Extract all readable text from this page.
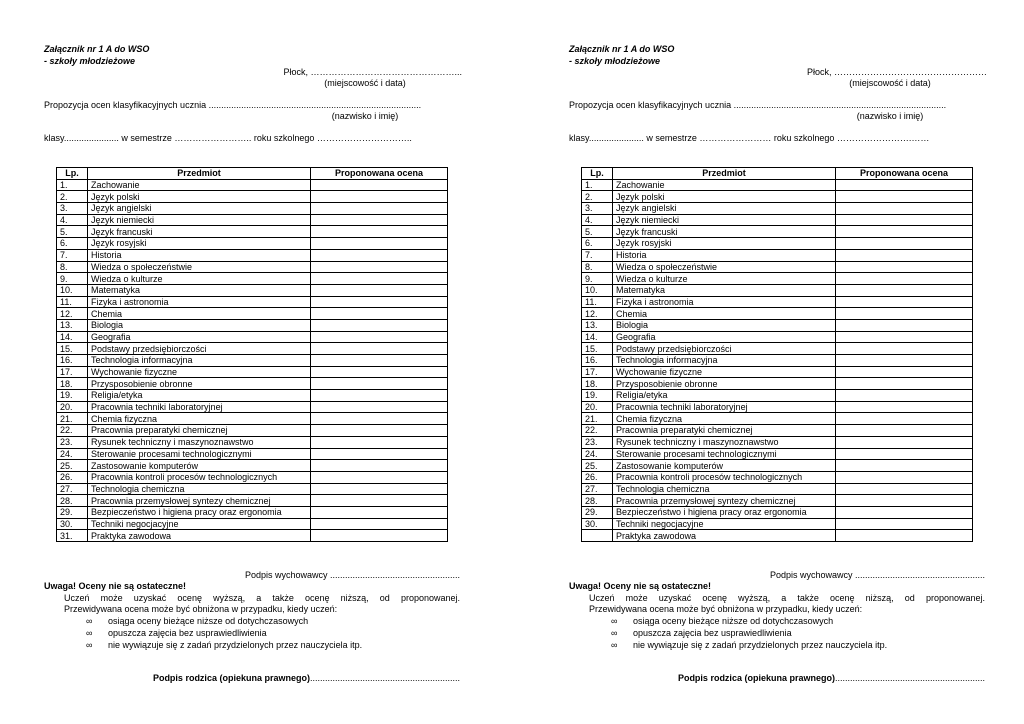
Załącznik nr 1 A do WSO
- szkoły młodzieżowe
Płock, …………………………………………...
(miejscowość i data)
Propozycja ocen klasyfikacyjnych ucznia .....................................................................................
(nazwisko i imię)
klasy...................... w semestrze …………………….. roku szkolnego …………………………..
Lp.	Przedmiot	Proponowana ocena
1.	Zachowanie	
2.	Język polski	
3.	Język angielski	
4.	Język niemiecki	
5.	Język francuski	
6.	Język rosyjski	
7.	Historia	
8.	Wiedza o społeczeństwie	
9.	Wiedza o kulturze	
10.	Matematyka	
11.	Fizyka i astronomia	
12.	Chemia	
13.	Biologia	
14.	Geografia	
15.	Podstawy przedsiębiorczości	
16.	Technologia informacyjna	
17.	Wychowanie fizyczne	
18.	Przysposobienie obronne	
19.	Religia/etyka	
20.	Pracownia techniki laboratoryjnej	
21.	Chemia fizyczna	
22.	Pracownia preparatyki chemicznej	
23.	Rysunek techniczny i maszynoznawstwo	
24.	Sterowanie procesami technologicznymi	
25.	Zastosowanie komputerów	
26.	Pracownia kontroli procesów technologicznych	
27.	Technologia chemiczna	
28.	Pracownia przemysłowej syntezy chemicznej	
29.	Bezpieczeństwo i higiena pracy oraz ergonomia	
30.	Techniki negocjacyjne	
31.	Praktyka zawodowa	
Podpis wychowawcy ....................................................
Uwaga! Oceny nie są ostateczne!
Uczeń może uzyskać ocenę wyższą, a także ocenę niższą, od proponowanej.
Przewidywana ocena może być obniżona w przypadku, kiedy uczeń:
∞ osiąga oceny bieżące niższe od dotychczasowych
∞ opuszcza zajęcia bez usprawiedliwienia
∞ nie wywiązuje się z zadań przydzielonych przez nauczyciela itp.
Podpis rodzica (opiekuna prawnego)............................................................
Załącznik nr 1 A do WSO
- szkoły młodzieżowe
Płock, ……………………………………………
(miejscowość i data)
Propozycja ocen klasyfikacyjnych ucznia .....................................................................................
(nazwisko i imię)
klasy...................... w semestrze …………………… roku szkolnego …………………….……
Lp.	Przedmiot	Proponowana ocena
1.	Zachowanie	
2.	Język polski	
3.	Język angielski	
4.	Język niemiecki	
5.	Język francuski	
6.	Język rosyjski	
7.	Historia	
8.	Wiedza o społeczeństwie	
9.	Wiedza o kulturze	
10.	Matematyka	
11.	Fizyka i astronomia	
12.	Chemia	
13.	Biologia	
14.	Geografia	
15.	Podstawy przedsiębiorczości	
16.	Technologia informacyjna	
17.	Wychowanie fizyczne	
18.	Przysposobienie obronne	
19.	Religia/etyka	
20.	Pracownia techniki laboratoryjnej	
21.	Chemia fizyczna	
22.	Pracownia preparatyki chemicznej	
23.	Rysunek techniczny i maszynoznawstwo	
24.	Sterowanie procesami technologicznymi	
25.	Zastosowanie komputerów	
26.	Pracownia kontroli procesów technologicznych	
27.	Technologia chemiczna	
28.	Pracownia przemysłowej syntezy chemicznej	
29.	Bezpieczeństwo i higiena pracy oraz ergonomia	
30.	Techniki negocjacyjne	
	Praktyka zawodowa	
Podpis wychowawcy ....................................................
Uwaga! Oceny nie są ostateczne!
Uczeń może uzyskać ocenę wyższą, a także ocenę niższą, od proponowanej.
Przewidywana ocena może być obniżona w przypadku, kiedy uczeń:
∞ osiąga oceny bieżące niższe od dotychczasowych
∞ opuszcza zajęcia bez usprawiedliwienia
∞ nie wywiązuje się z zadań przydzielonych przez nauczyciela itp.
Podpis rodzica (opiekuna prawnego)............................................................
